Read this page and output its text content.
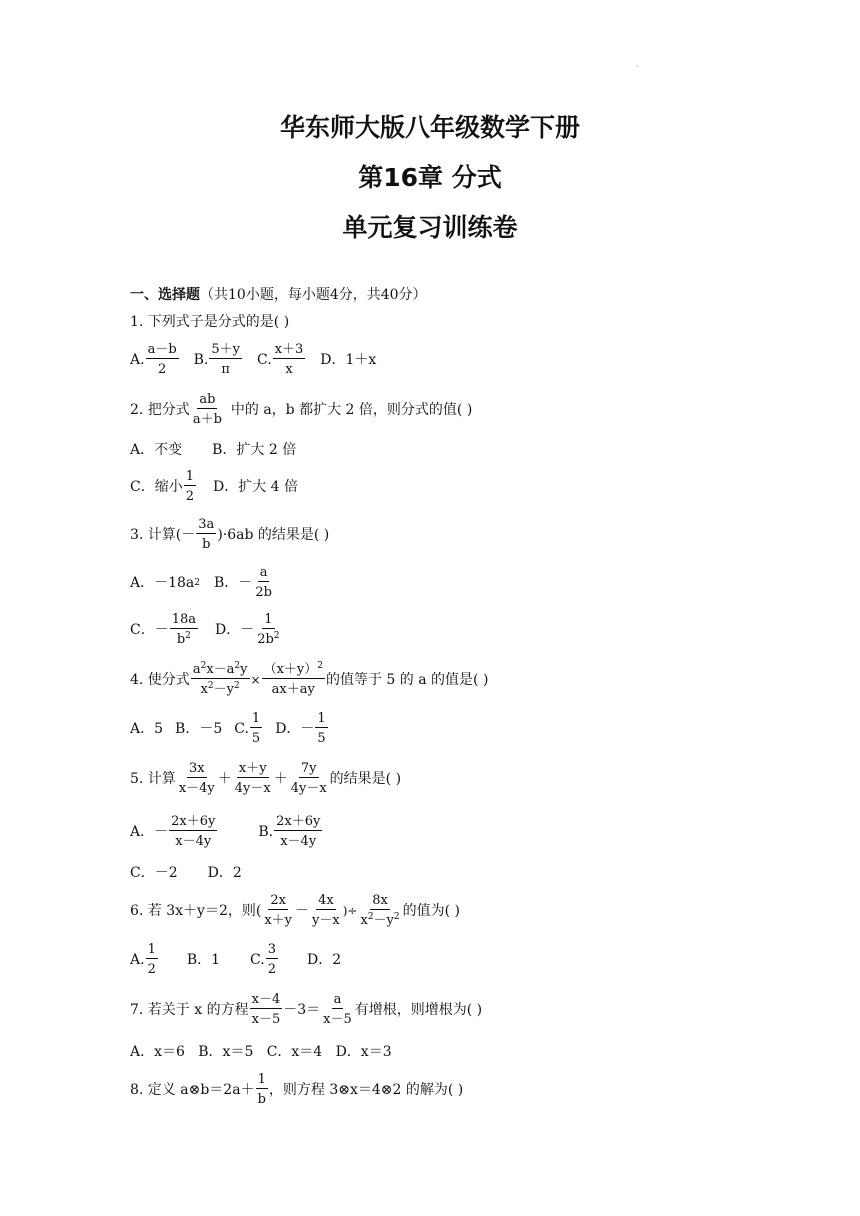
·
华东师大版八年级数学下册
第16章 分式
单元复习训练卷
一、选择题（共10小题，每小题4分，共40分）
1. 下列式子是分式的是( )
A. $\frac{a-b}{2} B$. $\frac{5+y}{\pi} C$. $\frac{x+3}{x}$ D．1＋x
2. 把分式 $\frac{ab}{a+b}$ 中的 a，b 都扩大 2 倍，则分式的值( )
A．不变 B．扩大 2 倍
C．缩小 $\frac{1}{2}$ D．扩大 4 倍
3. 计算(－ $\frac{3a}{b} )\cdot 6ab$ 的结果是( )
A．－18a 2 B．－ $\frac{a}{2b}$
C．－ $\frac{18a}{b^2}$ D．－ $\frac{1}{2b^2}$
4. 使分式 $\frac{a^2x-a^2y}{x^2-y^2} \times \frac{(x+y)^2}{ax+ay}$ 的值等于 5 的 a 的值是( )
A．5 B．－5 C. $\frac{1}{5}$ D．－ $\frac{1}{5}$
5. 计算 $\frac{3x}{x-4y} + \frac{x+y}{4y-x} + \frac{7y}{4y-x}$ 的结果是( )
A．－ $\frac{2x+6y}{x-4y}$	B. $\frac{2x+6y}{x-4y}$
C．－2 D．2
6. 若 3x＋y＝2，则( $\frac{2x}{x+y} - \frac{4x}{y-x}$ )÷ $\frac{8x}{x^2-y^2}$ 的值为( )
A. $\frac{1}{2}$ B．1 C. $\frac{3}{2}$ D．2
7. 若关于 x 的方程 $\frac{x-4}{x-5} -3= \frac{a}{x-5}$ 有增根，则增根为( )
A．x＝6   B．x＝5   C．x＝4   D．x＝3
8. 定义 a⊗b＝2a＋ $\frac{1}{b}$ ，则方程 3⊗x＝4⊗2 的解为( )
